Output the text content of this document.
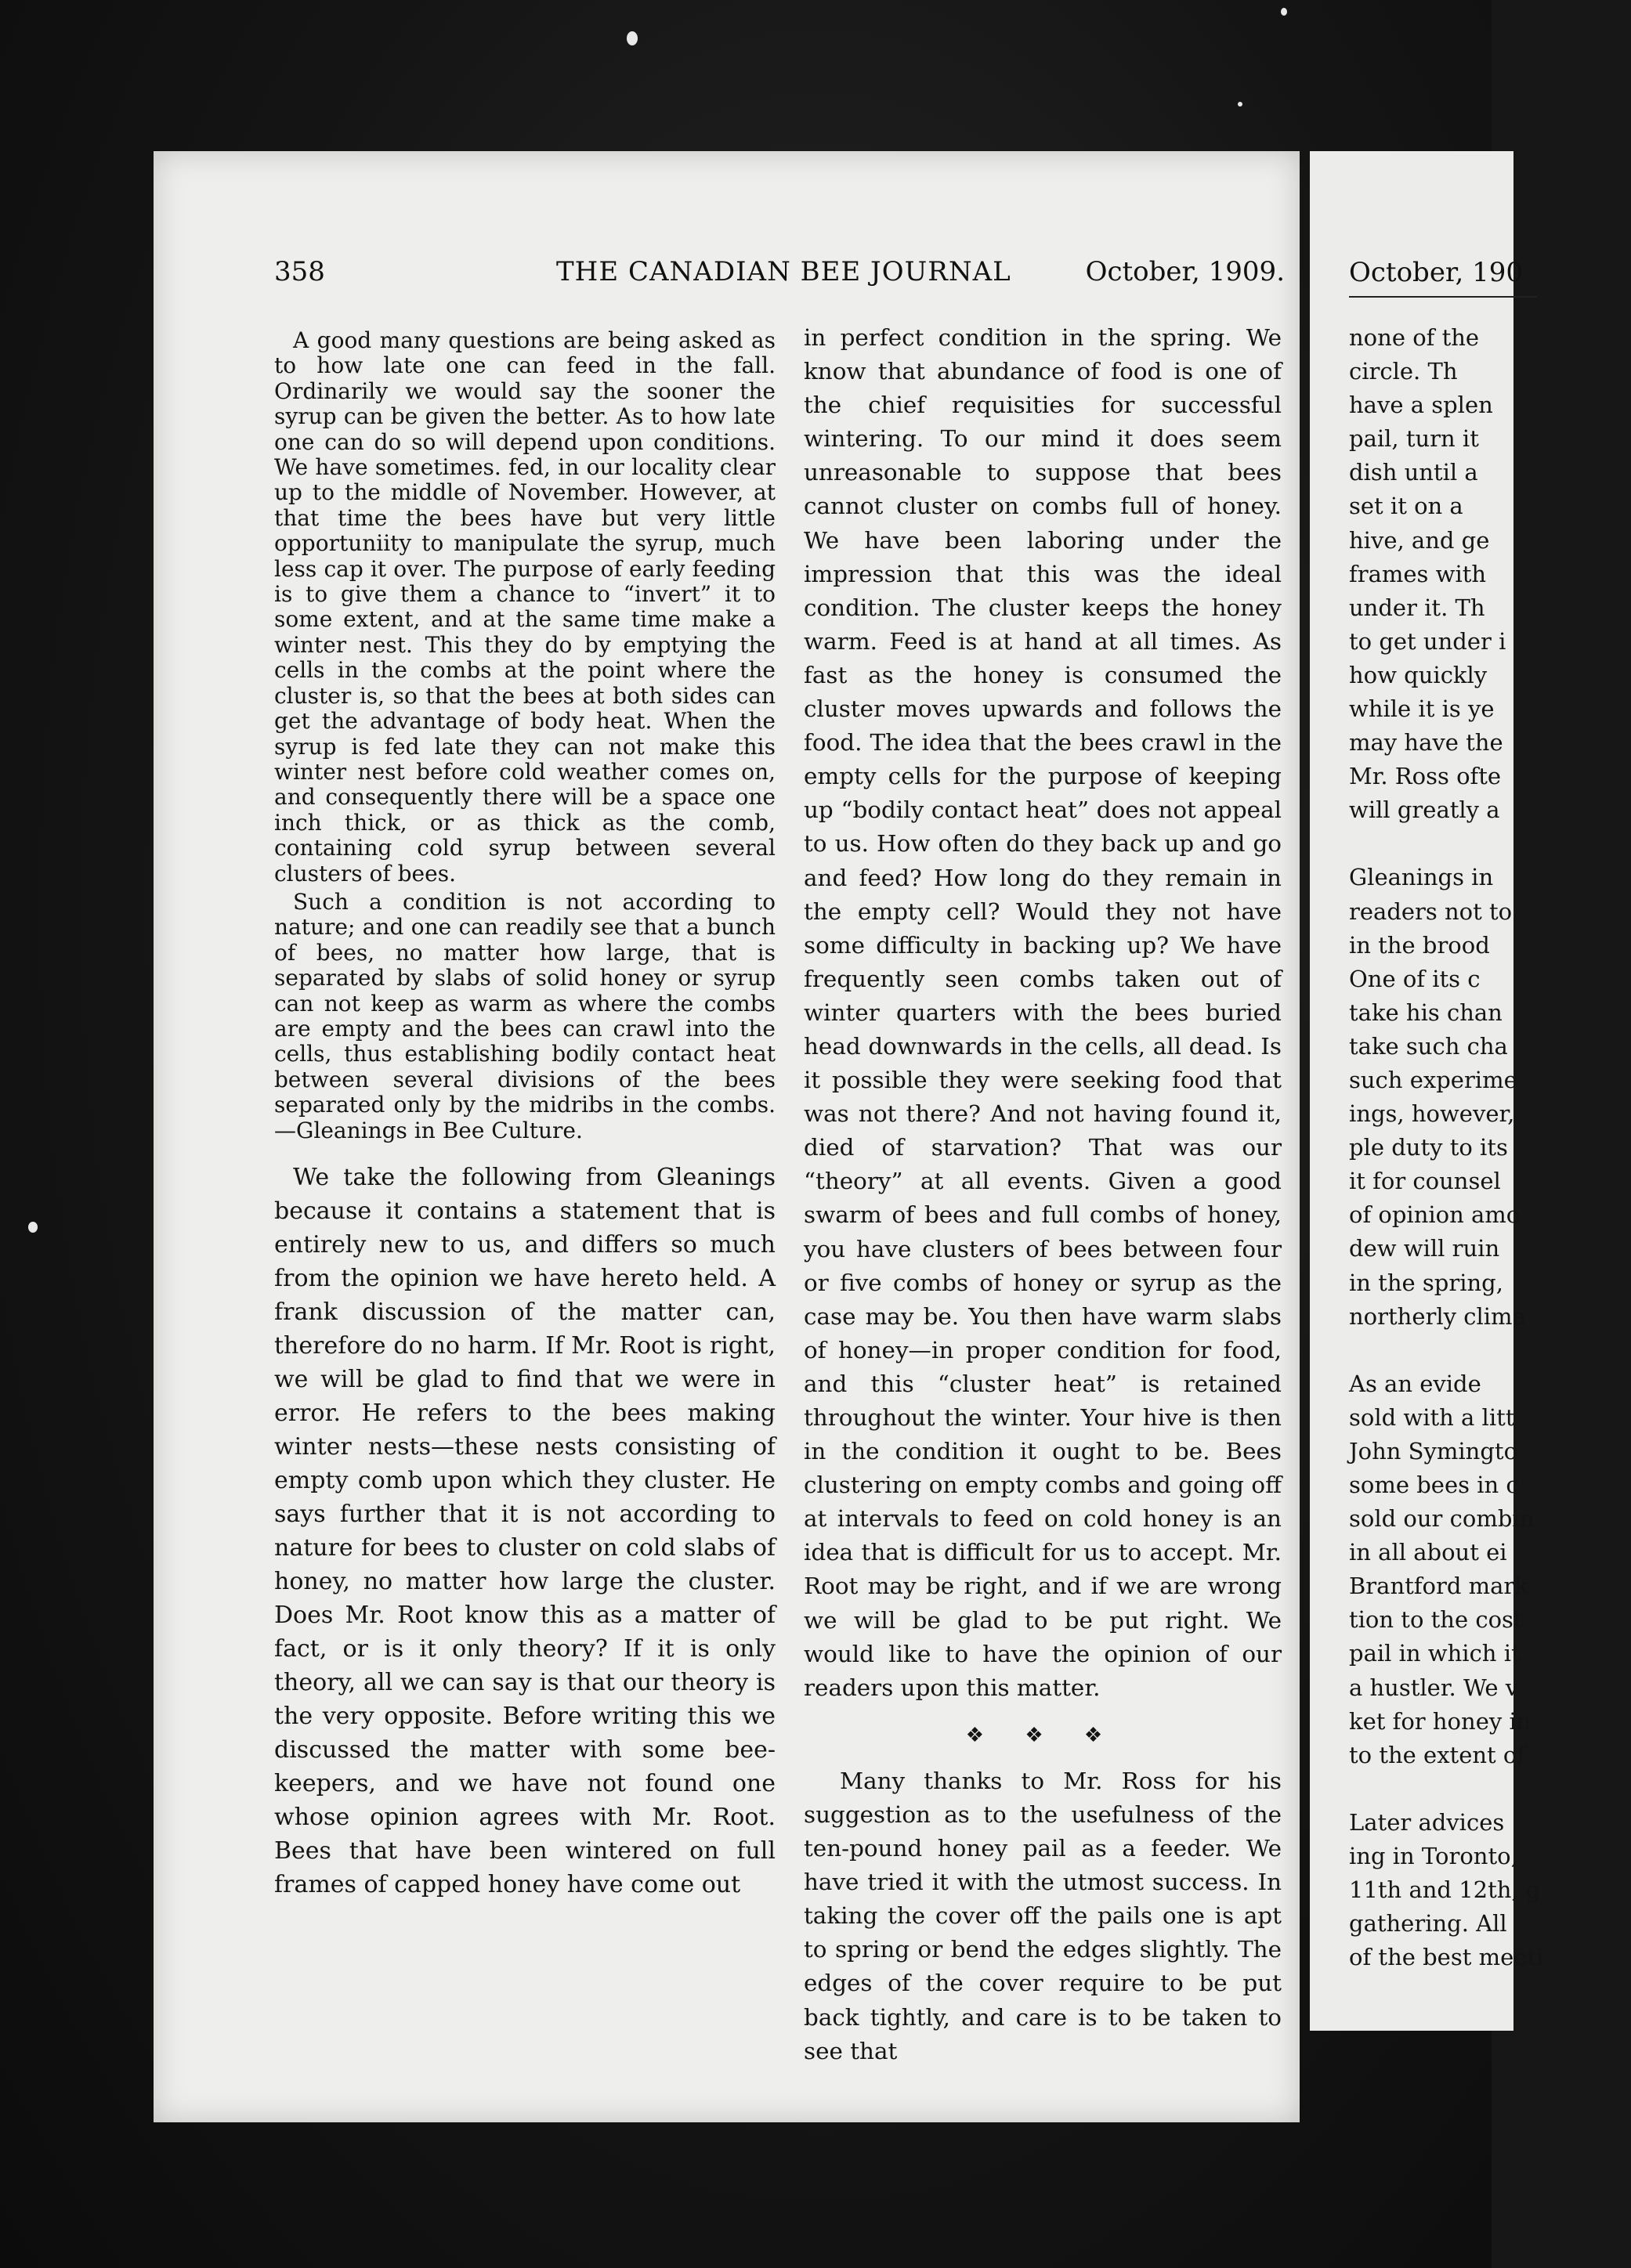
358	THE CANADIAN BEE JOURNAL	October, 1909.

A good many questions are being asked as to how late one can feed in the fall. Ordinarily we would say the sooner the syrup can be given the better. As to how late one can do so will depend upon conditions. We have sometimes. fed, in our locality clear up to the middle of November. However, at that time the bees have but very little opportuniity to manipulate the syrup, much less cap it over. The purpose of early feeding is to give them a chance to “invert” it to some extent, and at the same time make a winter nest. This they do by emptying the cells in the combs at the point where the cluster is, so that the bees at both sides can get the advantage of body heat. When the syrup is fed late they can not make this winter nest before cold weather comes on, and consequently there will be a space one inch thick, or as thick as the comb, containing cold syrup between several clusters of bees.

Such a condition is not according to nature; and one can readily see that a bunch of bees, no matter how large, that is separated by slabs of solid honey or syrup can not keep as warm as where the combs are empty and the bees can crawl into the cells, thus establishing bodily contact heat between several divisions of the bees separated only by the midribs in the combs.—Gleanings in Bee Culture.

We take the following from Gleanings because it contains a statement that is entirely new to us, and differs so much from the opinion we have hereto held. A frank discussion of the matter can, therefore do no harm. If Mr. Root is right, we will be glad to find that we were in error. He refers to the bees making winter nests—these nests consisting of empty comb upon which they cluster. He says further that it is not according to nature for bees to cluster on cold slabs of honey, no matter how large the cluster. Does Mr. Root know this as a matter of fact, or is it only theory? If it is only theory, all we can say is that our theory is the very opposite. Before writing this we discussed the matter with some bee-keepers, and we have not found one whose opinion agrees with Mr. Root. Bees that have been wintered on full frames of capped honey have come out

in perfect condition in the spring. We know that abundance of food is one of the chief requisities for successful wintering. To our mind it does seem unreasonable to suppose that bees cannot cluster on combs full of honey. We have been laboring under the impression that this was the ideal condition. The cluster keeps the honey warm. Feed is at hand at all times. As fast as the honey is consumed the cluster moves upwards and follows the food. The idea that the bees crawl in the empty cells for the purpose of keeping up “bodily contact heat” does not appeal to us. How often do they back up and go and feed? How long do they remain in the empty cell? Would they not have some difficulty in backing up? We have frequently seen combs taken out of winter quarters with the bees buried head downwards in the cells, all dead. Is it possible they were seeking food that was not there? And not having found it, died of starvation? That was our “theory” at all events. Given a good swarm of bees and full combs of honey, you have clusters of bees between four or five combs of honey or syrup as the case may be. You then have warm slabs of honey—in proper condition for food, and this “cluster heat” is retained throughout the winter. Your hive is then in the condition it ought to be. Bees clustering on empty combs and going off at intervals to feed on cold honey is an idea that is difficult for us to accept. Mr. Root may be right, and if we are wrong we will be glad to be put right. We would like to have the opinion of our readers upon this matter.

❖ ❖ ❖

Many thanks to Mr. Ross for his suggestion as to the usefulness of the ten-pound honey pail as a feeder. We have tried it with the utmost success. In taking the cover off the pails one is apt to spring or bend the edges slightly. The edges of the cover require to be put back tightly, and care is to be taken to see that

none of the
circle. Th
have a splen
pail, turn it
dish until a
set it on a
hive, and ge
frames with
under it. Th
to get under i
how quickly
while it is ye
may have the
Mr. Ross ofte
will greatly a
Gleanings in
readers not to
in the brood
One of its c
take his chan
take such cha
such experime
ings, however,
ple duty to its
it for counsel
of opinion amo
dew will ruin
in the spring,
northerly clima
As an evide
sold with a litt
John Symingto
some bees in c
sold our combin
in all about ei
Brantford mark
tion to the cost
pail in which it
a hustler. We v
ket for honey in
to the extent of
Later advices
ing in Toronto,
11th and 12th, g
gathering. All
of the best meeti
October, 190
